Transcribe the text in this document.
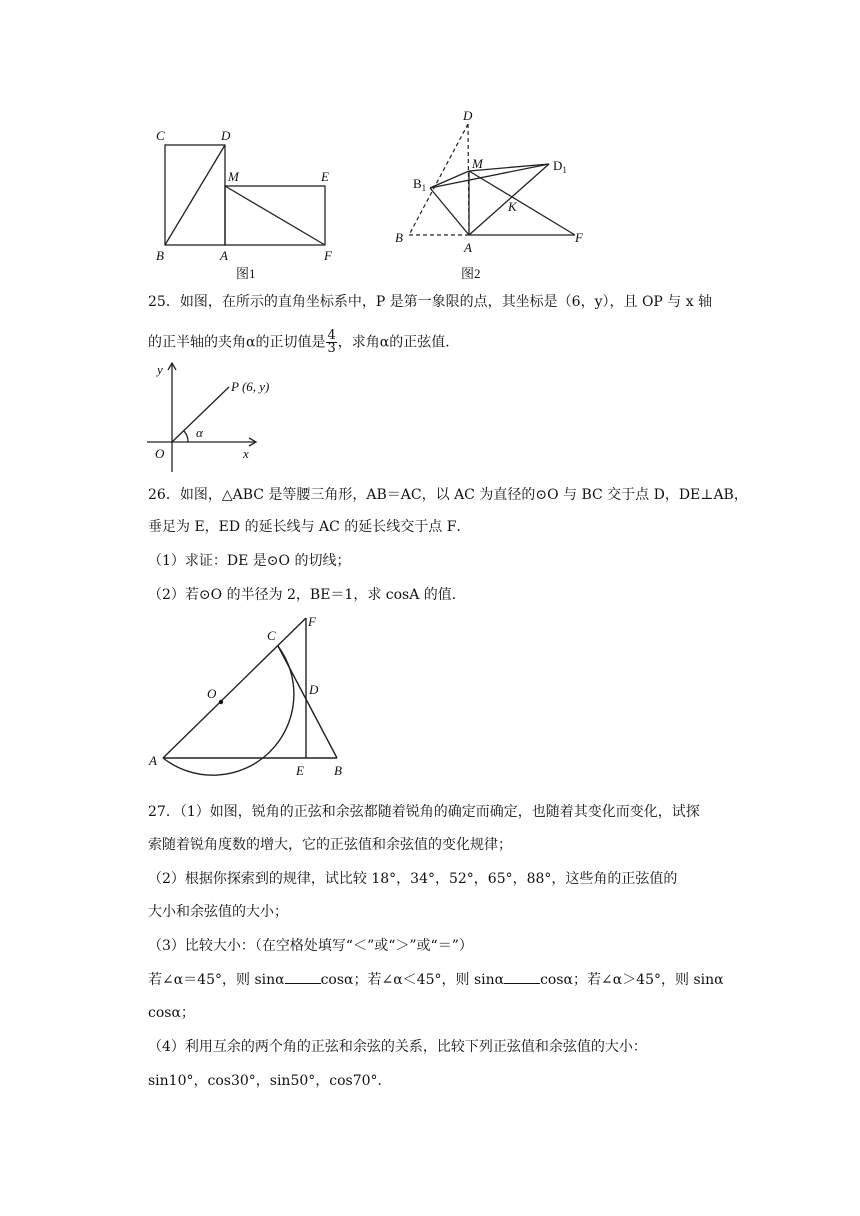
C	D
M	E
B	A	F
图1
D
M	$D_1$
$B_1$
K
B
A
F
图2
25．如图，在所示的直角坐标系中，P 是第一象限的点，其坐标是（6，y），且 OP 与 x 轴
的正半轴的夹角α的正切值是 $\frac{4}{3}$ ，求角α的正弦值．
y
P (6, y)
α
O	x
26．如图，△ABC 是等腰三角形，AB＝AC，以 AC 为直径的⊙O 与 BC 交于点 D，DE⊥AB，
垂足为 E，ED 的延长线与 AC 的延长线交于点 F．
（1）求证：DE 是⊙O 的切线；
（2）若⊙O 的半径为 2，BE＝1，求 cosA 的值．
F
C
O	D
A
E B
27．（1）如图，锐角的正弦和余弦都随着锐角的确定而确定，也随着其变化而变化，试探
索随着锐角度数的增大，它的正弦值和余弦值的变化规律；
（2）根据你探索到的规律，试比较 18°，34°，52°，65°，88°，这些角的正弦值的
大小和余弦值的大小；
（3）比较大小：（在空格处填写“＜”或“＞”或“＝”）
若∠α＝45°，则 sinα	cosα；若∠α＜45°，则 sinα	cosα；若∠α＞45°，则 sinα
cosα；
（4）利用互余的两个角的正弦和余弦的关系，比较下列正弦值和余弦值的大小：
sin10°，cos30°，sin50°，cos70°．
